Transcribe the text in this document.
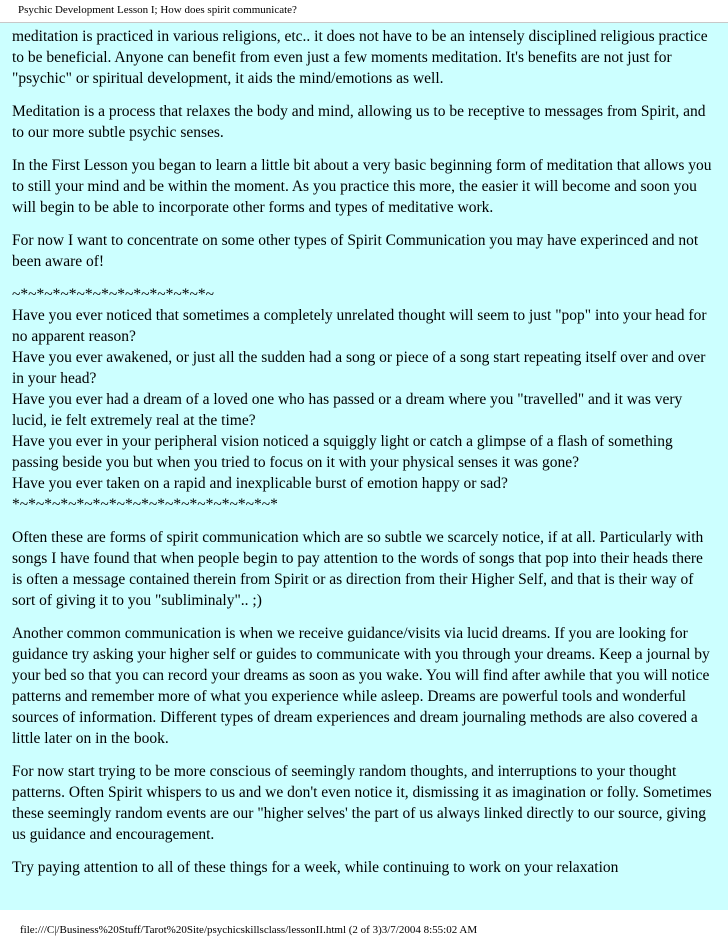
Psychic Development Lesson I; How does spirit communicate?

meditation is practiced in various religions, etc.. it does not have to be an intensely disciplined religious practice to be beneficial. Anyone can benefit from even just a few moments meditation. It's benefits are not just for "psychic" or spiritual development, it aids the mind/emotions as well.

Meditation is a process that relaxes the body and mind, allowing us to be receptive to messages from Spirit, and to our more subtle psychic senses.

In the First Lesson you began to learn a little bit about a very basic beginning form of meditation that allows you to still your mind and be within the moment. As you practice this more, the easier it will become and soon you will begin to be able to incorporate other forms and types of meditative work.

For now I want to concentrate on some other types of Spirit Communication you may have experinced and not been aware of!

~*~*~*~*~*~*~*~*~*~*~*~*~

Have you ever noticed that sometimes a completely unrelated thought will seem to just "pop" into your head for no apparent reason?

Have you ever awakened, or just all the sudden had a song or piece of a song start repeating itself over and over in your head?

Have you ever had a dream of a loved one who has passed or a dream where you "travelled" and it was very lucid, ie felt extremely real at the time?

Have you ever in your peripheral vision noticed a squiggly light or catch a glimpse of a flash of something passing beside you but when you tried to focus on it with your physical senses it was gone?

Have you ever taken on a rapid and inexplicable burst of emotion happy or sad?

*~*~*~*~*~*~*~*~*~*~*~*~*~*~*~*~*

Often these are forms of spirit communication which are so subtle we scarcely notice, if at all. Particularly with songs I have found that when people begin to pay attention to the words of songs that pop into their heads there is often a message contained therein from Spirit or as direction from their Higher Self, and that is their way of sort of giving it to you "subliminaly".. ;)

Another common communication is when we receive guidance/visits via lucid dreams. If you are looking for guidance try asking your higher self or guides to communicate with you through your dreams. Keep a journal by your bed so that you can record your dreams as soon as you wake. You will find after awhile that you will notice patterns and remember more of what you experience while asleep. Dreams are powerful tools and wonderful sources of information. Different types of dream experiences and dream journaling methods are also covered a little later on in the book.

For now start trying to be more conscious of seemingly random thoughts, and interruptions to your thought patterns. Often Spirit whispers to us and we don't even notice it, dismissing it as imagination or folly. Sometimes these seemingly random events are our "higher selves' the part of us always linked directly to our source, giving us guidance and encouragement.

Try paying attention to all of these things for a week, while continuing to work on your relaxation

file:///C|/Business%20Stuff/Tarot%20Site/psychicskillsclass/lessonII.html (2 of 3)3/7/2004 8:55:02 AM
